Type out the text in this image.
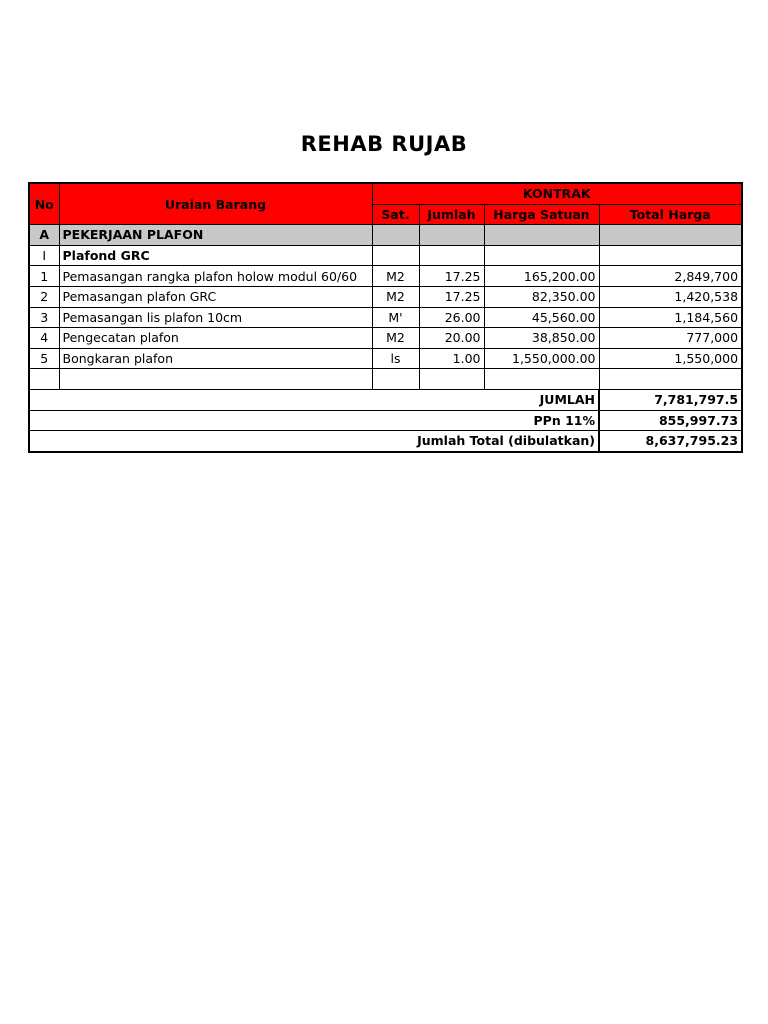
REHAB RUJAB
No	Uraian Barang	KONTRAK			
		Sat.	Jumlah	Harga Satuan	Total Harga
A	PEKERJAAN PLAFON				
I	Plafond GRC				
1	Pemasangan rangka plafon holow modul 60/60	M2	17.25	165,200.00	2,849,700
2	Pemasangan plafon GRC	M2	17.25	82,350.00	1,420,538
3	Pemasangan lis plafon 10cm	M'	26.00	45,560.00	1,184,560
4	Pengecatan plafon	M2	20.00	38,850.00	777,000
5	Bongkaran plafon	ls	1.00	1,550,000.00	1,550,000

JUMLAH					7,781,797.5
PPn 11%					855,997.73
Jumlah Total (dibulatkan)					8,637,795.23
